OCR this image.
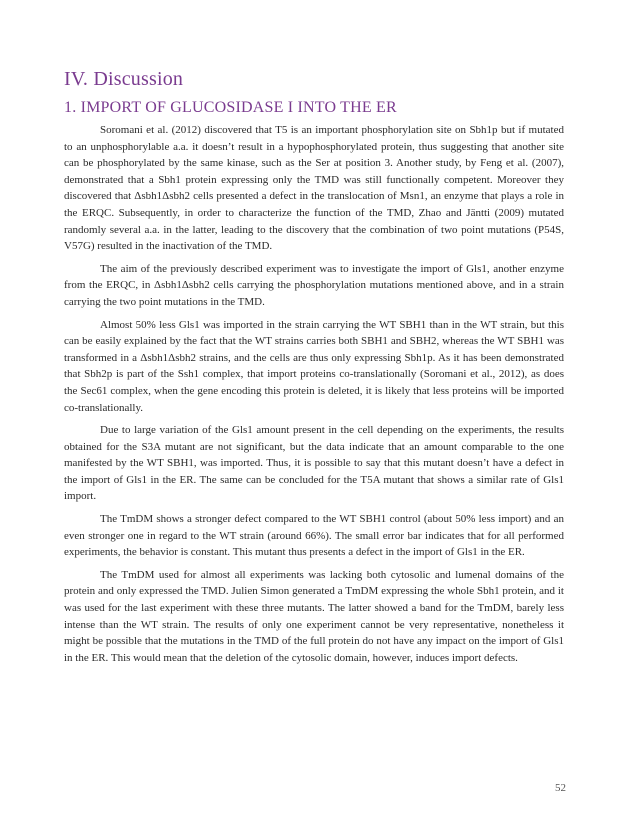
IV. Discussion
1. IMPORT OF GLUCOSIDASE I INTO THE ER

Soromani et al. (2012) discovered that T5 is an important phosphorylation site on Sbh1p but if mutated to an unphosphorylable a.a. it doesn’t result in a hypophosphorylated protein, thus suggesting that another site can be phosphorylated by the same kinase, such as the Ser at position 3. Another study, by Feng et al. (2007), demonstrated that a Sbh1 protein expressing only the TMD was still functionally competent. Moreover they discovered that Δsbh1Δsbh2 cells presented a defect in the translocation of Msn1, an enzyme that plays a role in the ERQC. Subsequently, in order to characterize the function of the TMD, Zhao and Jäntti (2009) mutated randomly several a.a. in the latter, leading to the discovery that the combination of two point mutations (P54S, V57G) resulted in the inactivation of the TMD.

The aim of the previously described experiment was to investigate the import of Gls1, another enzyme from the ERQC, in Δsbh1Δsbh2 cells carrying the phosphorylation mutations mentioned above, and in a strain carrying the two point mutations in the TMD.

Almost 50% less Gls1 was imported in the strain carrying the WT SBH1 than in the WT strain, but this can be easily explained by the fact that the WT strains carries both SBH1 and SBH2, whereas the WT SBH1 was transformed in a Δsbh1Δsbh2 strains, and the cells are thus only expressing Sbh1p. As it has been demonstrated that Sbh2p is part of the Ssh1 complex, that import proteins co-translationally (Soromani et al., 2012), as does the Sec61 complex, when the gene encoding this protein is deleted, it is likely that less proteins will be imported co-translationally.

Due to large variation of the Gls1 amount present in the cell depending on the experiments, the results obtained for the S3A mutant are not significant, but the data indicate that an amount comparable to the one manifested by the WT SBH1, was imported. Thus, it is possible to say that this mutant doesn’t have a defect in the import of Gls1 in the ER. The same can be concluded for the T5A mutant that shows a similar rate of Gls1 import.

The TmDM shows a stronger defect compared to the WT SBH1 control (about 50% less import) and an even stronger one in regard to the WT strain (around 66%). The small error bar indicates that for all performed experiments, the behavior is constant. This mutant thus presents a defect in the import of Gls1 in the ER.

The TmDM used for almost all experiments was lacking both cytosolic and lumenal domains of the protein and only expressed the TMD. Julien Simon generated a TmDM expressing the whole Sbh1 protein, and it was used for the last experiment with these three mutants. The latter showed a band for the TmDM, barely less intense than the WT strain. The results of only one experiment cannot be very representative, nonetheless it might be possible that the mutations in the TMD of the full protein do not have any impact on the import of Gls1 in the ER. This would mean that the deletion of the cytosolic domain, however, induces import defects.

52
